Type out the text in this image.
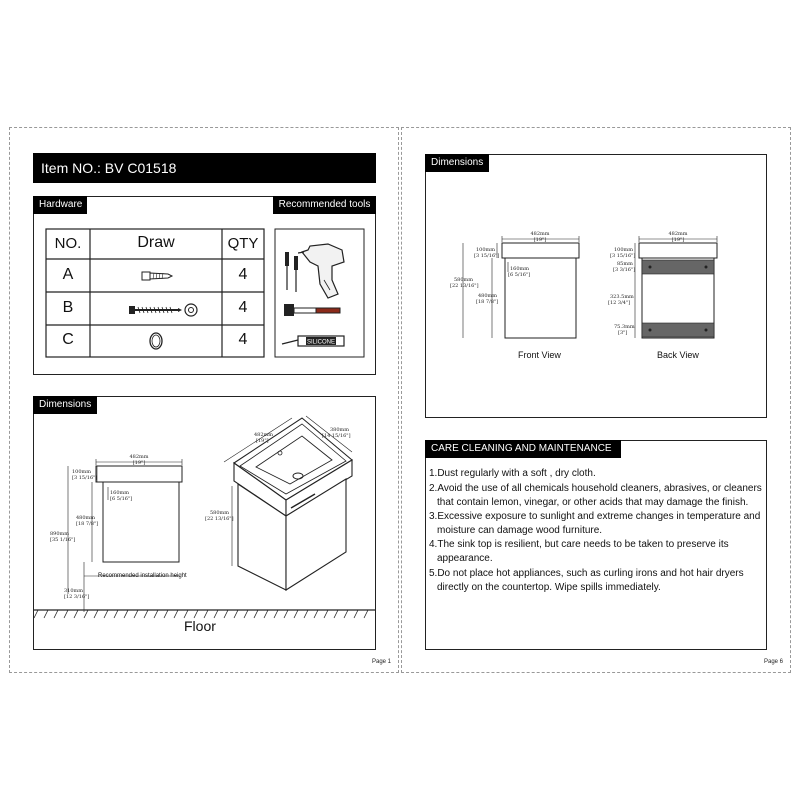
Item NO.: BV C01518
Hardware	Recommended tools
NO.	Draw	QTY
A	4
B	4
C	4	SILICONE
Dimensions
482mm
[19"]
100mm
[3 15/16"]
160mm
[6 5/16"]
480mm
[18 7/8"]
890mm
[35 1/16"]
310mm
[12 3/16"]
482mm
[19"]
380mm
[14 15/16"]
580mm
[22 13/16"]
Recommended installation height
Floor
Dimensions
482mm
[19"]
100mm
[3 15/16"]
160mm
[6 5/16"]
580mm
[22 13/16"]
480mm
[18 7/8"]
482mm
[19"]
100mm
[3 15/16"]
85mm
[3 3/16"]
323.5mm
[12 3/4"]
75.3mm
[3"]
Front View	Back View
CARE CLEANING AND MAINTENANCE
1.Dust regularly with a soft , dry cloth.
2.Avoid the use of all chemicals household cleaners, abrasives, or cleaners
that contain lemon, vinegar, or other acids that may damage the finish.
3.Excessive exposure to sunlight and extreme changes in temperature and
moisture can damage wood furniture.
4.The sink top is resilient, but care needs to be taken to preserve its
appearance.
5.Do not place hot appliances, such as curling irons and hot hair dryers
directly on the countertop. Wipe spills immediately.
Page 1	Page 6
